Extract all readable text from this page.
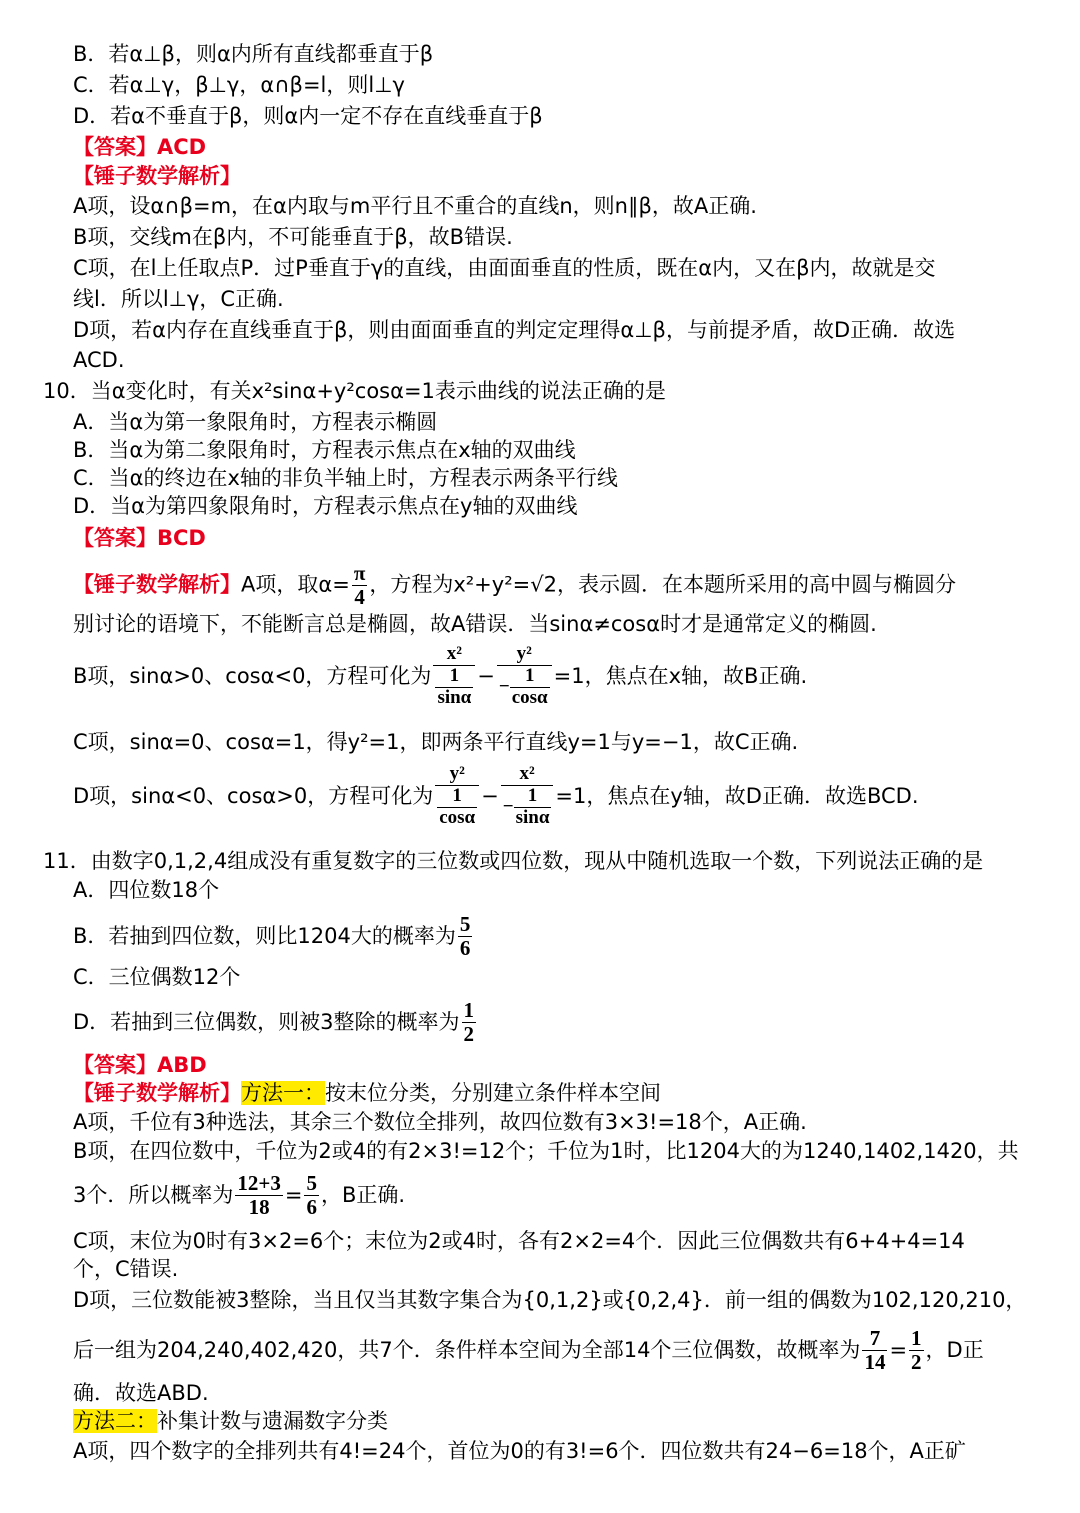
B．若α⊥β，则α内所有直线都垂直于β
C．若α⊥γ，β⊥γ，α∩β=l，则l⊥γ
D．若α不垂直于β，则α内一定不存在直线垂直于β
【答案】ACD
【锤子数学解析】
A项，设α∩β=m，在α内取与m平行且不重合的直线n，则n∥β，故A正确.
B项，交线m在β内，不可能垂直于β，故B错误.
C项，在l上任取点P．过P垂直于γ的直线，由面面垂直的性质，既在α内，又在β内，故就是交
线l．所以l⊥γ，C正确.
D项，若α内存在直线垂直于β，则由面面垂直的判定定理得α⊥β，与前提矛盾，故D正确．故选
ACD.
10．当α变化时，有关x²sinα+y²cosα=1表示曲线的说法正确的是
A．当α为第一象限角时，方程表示椭圆
B．当α为第二象限角时，方程表示焦点在x轴的双曲线
C．当α的终边在x轴的非负半轴上时，方程表示两条平行线
D．当α为第四象限角时，方程表示焦点在y轴的双曲线
【答案】BCD
【锤子数学解析】A项，取$\alpha= \frac{\pi}{4}$ ，方程为x²+y²=√2，表示圆．在本题所采用的高中圆与椭圆分
别讨论的语境下，不能断言总是椭圆，故A错误．当sinα≠cosα时才是通常定义的椭圆.
B项，sinα>0、cosα<0，方程可化为 $\frac{\text{x²}}{\frac{1}{\sin\alpha}} - \frac{\text{y²}}{- \frac{1}{\cos\alpha}} =1$，焦点在x轴，故B正确.
C项，sinα=0、cosα=1，得y²=1，即两条平行直线y=1与y=−1，故C正确.
D项，sinα<0、cosα>0，方程可化为 $\frac{\text{y²}}{\frac{1}{\cos\alpha}} - \frac{\text{x²}}{- \frac{1}{\sin\alpha}} =1$，焦点在y轴，故D正确．故选BCD.
11．由数字0,1,2,4组成没有重复数字的三位数或四位数，现从中随机选取一个数，下列说法正确的是
A．四位数18个
B．若抽到四位数，则比1204大的概率为 $\frac{5}{6}$
C．三位偶数12个
D．若抽到三位偶数，则被3整除的概率为 $\frac{1}{2}$
【答案】ABD
【锤子数学解析】方法一：按末位分类，分别建立条件样本空间
A项，千位有3种选法，其余三个数位全排列，故四位数有3×3!=18个，A正确.
B项，在四位数中，千位为2或4的有2×3!=12个；千位为1时，比1204大的为1240,1402,1420，共
3个．所以概率为 $\frac{12+3}{18} = \frac{5}{6}$ ，B正确.
C项，末位为0时有3×2=6个；末位为2或4时，各有2×2=4个．因此三位偶数共有6+4+4=14
个，C错误.
D项，三位数能被3整除，当且仅当其数字集合为{0,1,2}或{0,2,4}．前一组的偶数为102,120,210，
后一组为204,240,402,420，共7个．条件样本空间为全部14个三位偶数，故概率为 $\frac{7}{14} = \frac{1}{2}$ ，D正
确．故选ABD.
方法二：补集计数与遗漏数字分类
A项，四个数字的全排列共有4!=24个，首位为0的有3!=6个．四位数共有24−6=18个，A正矿
